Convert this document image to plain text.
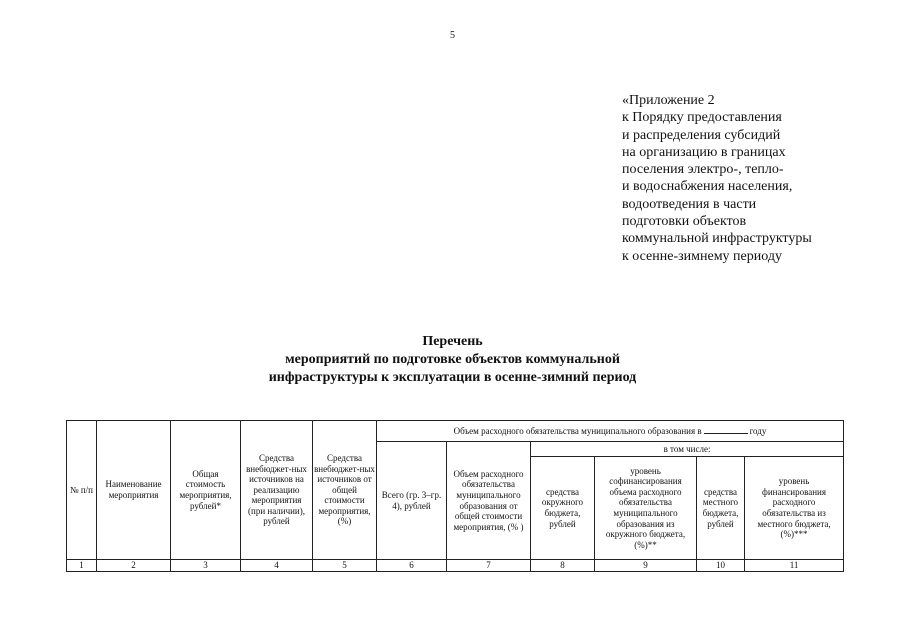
5
«Приложение 2
к Порядку предоставления
и распределения субсидий
на организацию в границах
поселения электро-, тепло-
и водоснабжения населения,
водоотведения в части
подготовки объектов
коммунальной инфраструктуры
к осенне-зимнему периоду
Перечень
мероприятий по подготовке объектов коммунальной
инфраструктуры к эксплуатации в осенне-зимний период
№ п/п	Наименование мероприятия	Общая стоимость мероприятия, рублей*	Средства внебюджет-ных источников на реализацию мероприятия (при наличии), рублей	Средства внебюджет-ных источников от общей стоимости мероприятия, (%)	Объем расходного обязательства муниципального образования в году					
					Всего (гр. 3–гр. 4), рублей	Объем расходного обязательства муниципального образования от общей стоимости мероприятия, (% )	в том числе:			
							средства окружного бюджета, рублей	уровень софинансирования объема расходного обязательства муниципального образования из окружного бюджета, (%)**	средства местного бюджета, рублей	уровень финансирования расходного обязательства из местного бюджета, (%)***
1	2	3	4	5	6	7	8	9	10	11
